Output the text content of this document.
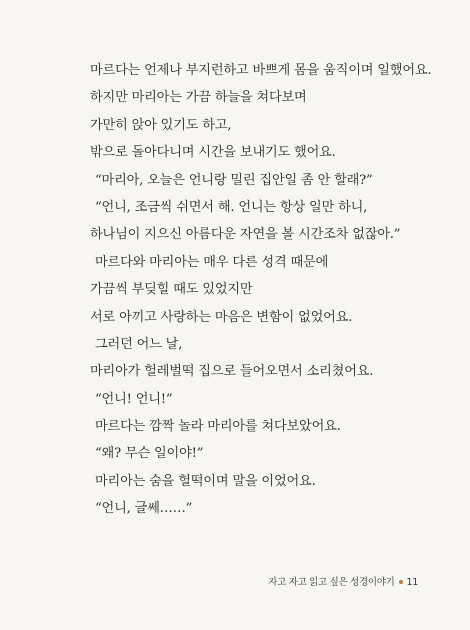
마르다는 언제나 부지런하고 바쁘게 몸을 움직이며 일했어요.
하지만 마리아는 가끔 하늘을 쳐다보며
가만히 앉아 있기도 하고,
밖으로 돌아다니며 시간을 보내기도 했어요.
“마리아, 오늘은 언니랑 밀린 집안일 좀 안 할래?”
“언니, 조금씩 쉬면서 해. 언니는 항상 일만 하니,
하나님이 지으신 아름다운 자연을 볼 시간조차 없잖아.”
마르다와 마리아는 매우 다른 성격 때문에
가끔씩 부딪힐 때도 있었지만
서로 아끼고 사랑하는 마음은 변함이 없었어요.
그러던 어느 날,
마리아가 헐레벌떡 집으로 들어오면서 소리쳤어요.
“언니! 언니!”
마르다는 깜짝 놀라 마리아를 쳐다보았어요.
“왜? 무슨 일이야!”
마리아는 숨을 헐떡이며 말을 이었어요.
“언니, 글쎄……”
자고 자고 읽고 싶은 성경이야기 11
